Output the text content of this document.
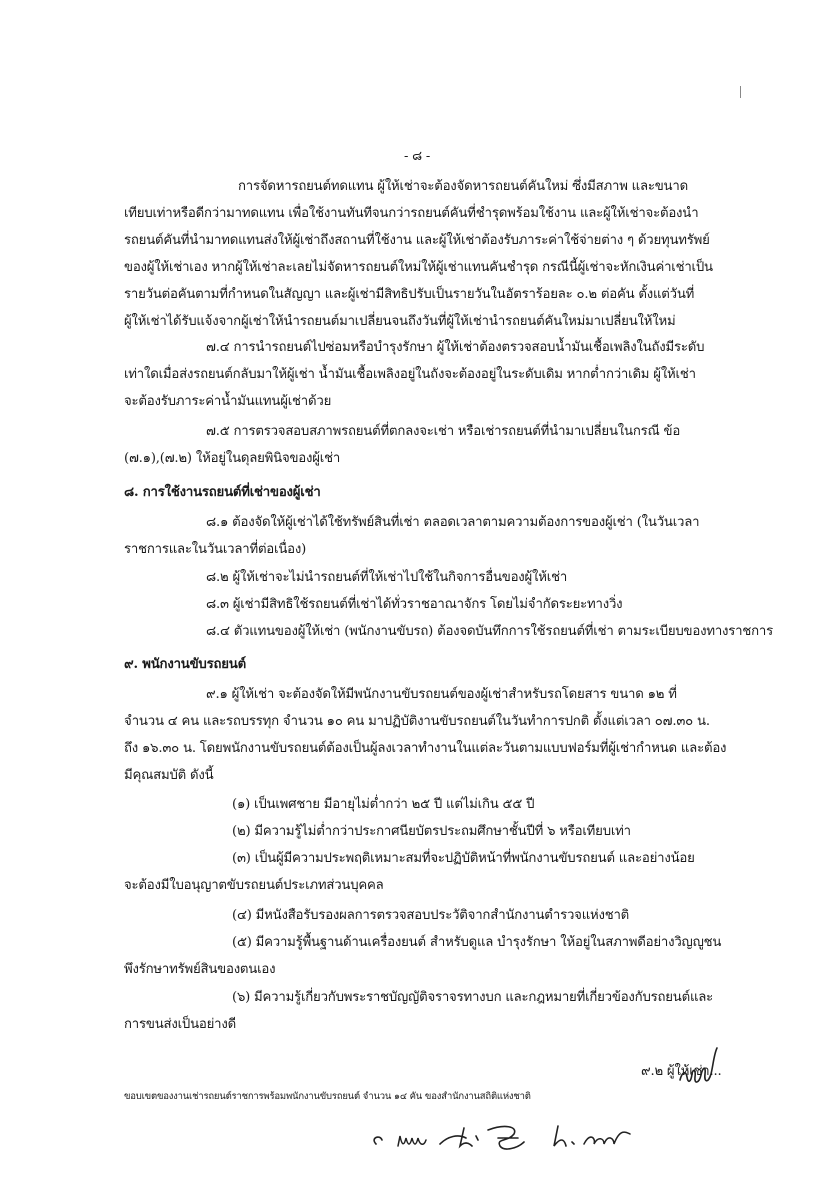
- ๘ -
การจัดหารถยนต์ทดแทน ผู้ให้เช่าจะต้องจัดหารถยนต์คันใหม่ ซึ่งมีสภาพ และขนาด
เทียบเท่าหรือดีกว่ามาทดแทน เพื่อใช้งานทันทีจนกว่ารถยนต์คันที่ชำรุดพร้อมใช้งาน และผู้ให้เช่าจะต้องนำ
รถยนต์คันที่นำมาทดแทนส่งให้ผู้เช่าถึงสถานที่ใช้งาน และผู้ให้เช่าต้องรับภาระค่าใช้จ่ายต่าง ๆ ด้วยทุนทรัพย์
ของผู้ให้เช่าเอง หากผู้ให้เช่าละเลยไม่จัดหารถยนต์ใหม่ให้ผู้เช่าแทนคันชำรุด กรณีนี้ผู้เช่าจะหักเงินค่าเช่าเป็น
รายวันต่อคันตามที่กำหนดในสัญญา และผู้เช่ามีสิทธิปรับเป็นรายวันในอัตราร้อยละ ๐.๒ ต่อคัน ตั้งแต่วันที่
ผู้ให้เช่าได้รับแจ้งจากผู้เช่าให้นำรถยนต์มาเปลี่ยนจนถึงวันที่ผู้ให้เช่านำรถยนต์คันใหม่มาเปลี่ยนให้ใหม่
๗.๔ การนำรถยนต์ไปซ่อมหรือบำรุงรักษา ผู้ให้เช่าต้องตรวจสอบน้ำมันเชื้อเพลิงในถังมีระดับ
เท่าใดเมื่อส่งรถยนต์กลับมาให้ผู้เช่า น้ำมันเชื้อเพลิงอยู่ในถังจะต้องอยู่ในระดับเดิม หากต่ำกว่าเดิม ผู้ให้เช่า
จะต้องรับภาระค่าน้ำมันแทนผู้เช่าด้วย
๗.๕ การตรวจสอบสภาพรถยนต์ที่ตกลงจะเช่า หรือเช่ารถยนต์ที่นำมาเปลี่ยนในกรณี ข้อ
(๗.๑),(๗.๒) ให้อยู่ในดุลยพินิจของผู้เช่า
๘. การใช้งานรถยนต์ที่เช่าของผู้เช่า
๘.๑ ต้องจัดให้ผู้เช่าได้ใช้ทรัพย์สินที่เช่า ตลอดเวลาตามความต้องการของผู้เช่า (ในวันเวลา
ราชการและในวันเวลาที่ต่อเนื่อง)
๘.๒ ผู้ให้เช่าจะไม่นำรถยนต์ที่ให้เช่าไปใช้ในกิจการอื่นของผู้ให้เช่า
๘.๓ ผู้เช่ามีสิทธิใช้รถยนต์ที่เช่าได้ทั่วราชอาณาจักร โดยไม่จำกัดระยะทางวิ่ง
๘.๔ ตัวแทนของผู้ให้เช่า (พนักงานขับรถ) ต้องจดบันทึกการใช้รถยนต์ที่เช่า ตามระเบียบของทางราชการ
๙. พนักงานขับรถยนต์
๙.๑ ผู้ให้เช่า จะต้องจัดให้มีพนักงานขับรถยนต์ของผู้เช่าสำหรับรถโดยสาร ขนาด ๑๒ ที่
จำนวน ๔ คน และรถบรรทุก จำนวน ๑๐ คน มาปฏิบัติงานขับรถยนต์ในวันทำการปกติ ตั้งแต่เวลา ๐๗.๓๐ น.
ถึง ๑๖.๓๐ น. โดยพนักงานขับรถยนต์ต้องเป็นผู้ลงเวลาทำงานในแต่ละวันตามแบบฟอร์มที่ผู้เช่ากำหนด และต้อง
มีคุณสมบัติ ดังนี้
(๑) เป็นเพศชาย มีอายุไม่ต่ำกว่า ๒๕ ปี แต่ไม่เกิน ๕๕ ปี
(๒) มีความรู้ไม่ต่ำกว่าประกาศนียบัตรประถมศึกษาชั้นปีที่ ๖ หรือเทียบเท่า
(๓) เป็นผู้มีความประพฤติเหมาะสมที่จะปฏิบัติหน้าที่พนักงานขับรถยนต์ และอย่างน้อย
จะต้องมีใบอนุญาตขับรถยนต์ประเภทส่วนบุคคล
(๔) มีหนังสือรับรองผลการตรวจสอบประวัติจากสำนักงานตำรวจแห่งชาติ
(๕) มีความรู้พื้นฐานด้านเครื่องยนต์ สำหรับดูแล บำรุงรักษา ให้อยู่ในสภาพดีอย่างวิญญูชน
พึงรักษาทรัพย์สินของตนเอง
(๖) มีความรู้เกี่ยวกับพระราชบัญญัติจราจรทางบก และกฎหมายที่เกี่ยวข้องกับรถยนต์และ
การขนส่งเป็นอย่างดี
๙.๒ ผู้ให้เช่า...
ขอบเขตของงานเช่ารถยนต์ราชการพร้อมพนักงานขับรถยนต์ จำนวน ๑๔ คัน ของสำนักงานสถิติแห่งชาติ
